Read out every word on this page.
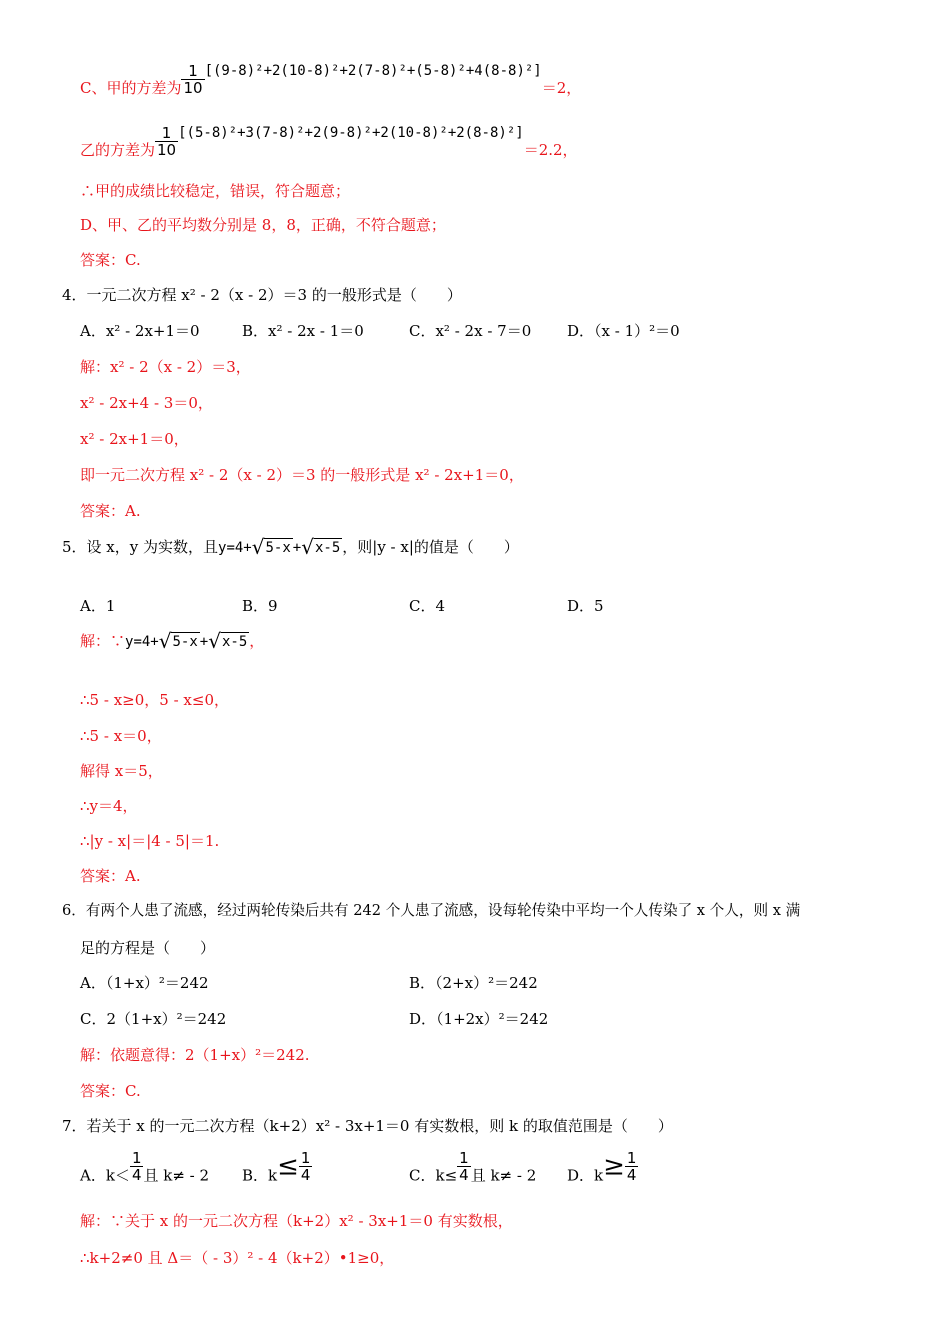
C、甲的方差为 $\frac{1}{10} [(9-8)^2+2(10-8)^2+2(7-8)^2+(5-8)^2+4(8-8)^2]=2$，
乙的方差为 $\frac{1}{10} [(5-8)^2+3(7-8)^2+2(9-8)^2+2(10-8)^2+2(8-8)^2]=2.2$，
∴甲的成绩比较稳定，错误，符合题意；
D、甲、乙的平均数分别是 8，8，正确，不符合题意；
答案：C.
4．一元二次方程 x² - 2（x - 2）＝3 的一般形式是（　　）
A．x² - 2x+1＝0	B．x² - 2x - 1＝0	C．x² - 2x - 7＝0 D．（x - 1）²＝0
解：x² - 2（x - 2）＝3，
x² - 2x+4 - 3＝0，
x² - 2x+1＝0，
即一元二次方程 x² - 2（x - 2）＝3 的一般形式是 x² - 2x+1＝0，
答案：A.
5．设 x，y 为实数，且y=4+√5-x +√x-5 ，则|y - x|的值是（　　）
A．1	B．9	C．4	D．5
解：∵y=4+√5-x +√x-5 ，
∴5 - x≥0，5 - x≤0，
∴5 - x＝0，
解得 x＝5，
∴y＝4，
∴|y - x|＝|4 - 5|＝1.
答案：A.
6．有两个人患了流感，经过两轮传染后共有 242 个人患了流感，设每轮传染中平均一个人传染了 x 个人，则 x 满
足的方程是（　　）
A．（1+x）²＝242	B．（2+x）²＝242
C．2（1+x）²＝242	D．（1+2x）²＝242
解：依题意得：2（1+x）²＝242.
答案：C.
7．若关于 x 的一元二次方程（k+2）x² - 3x+1＝0 有实数根，则 k 的取值范围是（　　）
A．$k< \frac{1}{4}$ 且 k≠ - 2 B．$k\le \frac{1}{4}$	C．$k\le \frac{1}{4}$ 且 k≠ - 2 D．$k\ge \frac{1}{4}$
解：∵关于 x 的一元二次方程（k+2）x² - 3x+1＝0 有实数根，
∴k+2≠0 且 Δ＝（ - 3）² - 4（k+2）•1≥0，
